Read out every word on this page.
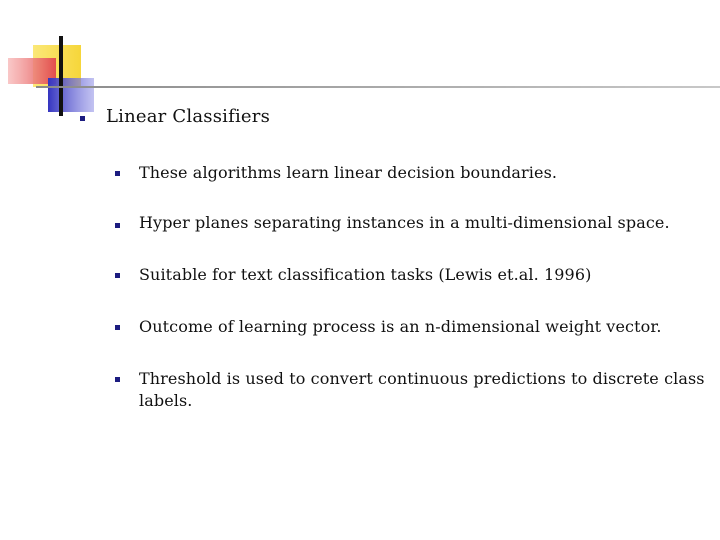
Linear Classifiers
These algorithms learn linear decision boundaries.
Hyper planes separating instances in a multi-dimensional space.
Suitable for text classification tasks (Lewis et.al. 1996)
Outcome of learning process is an n-dimensional weight vector.
Threshold is used to convert continuous predictions to discrete class
labels.
